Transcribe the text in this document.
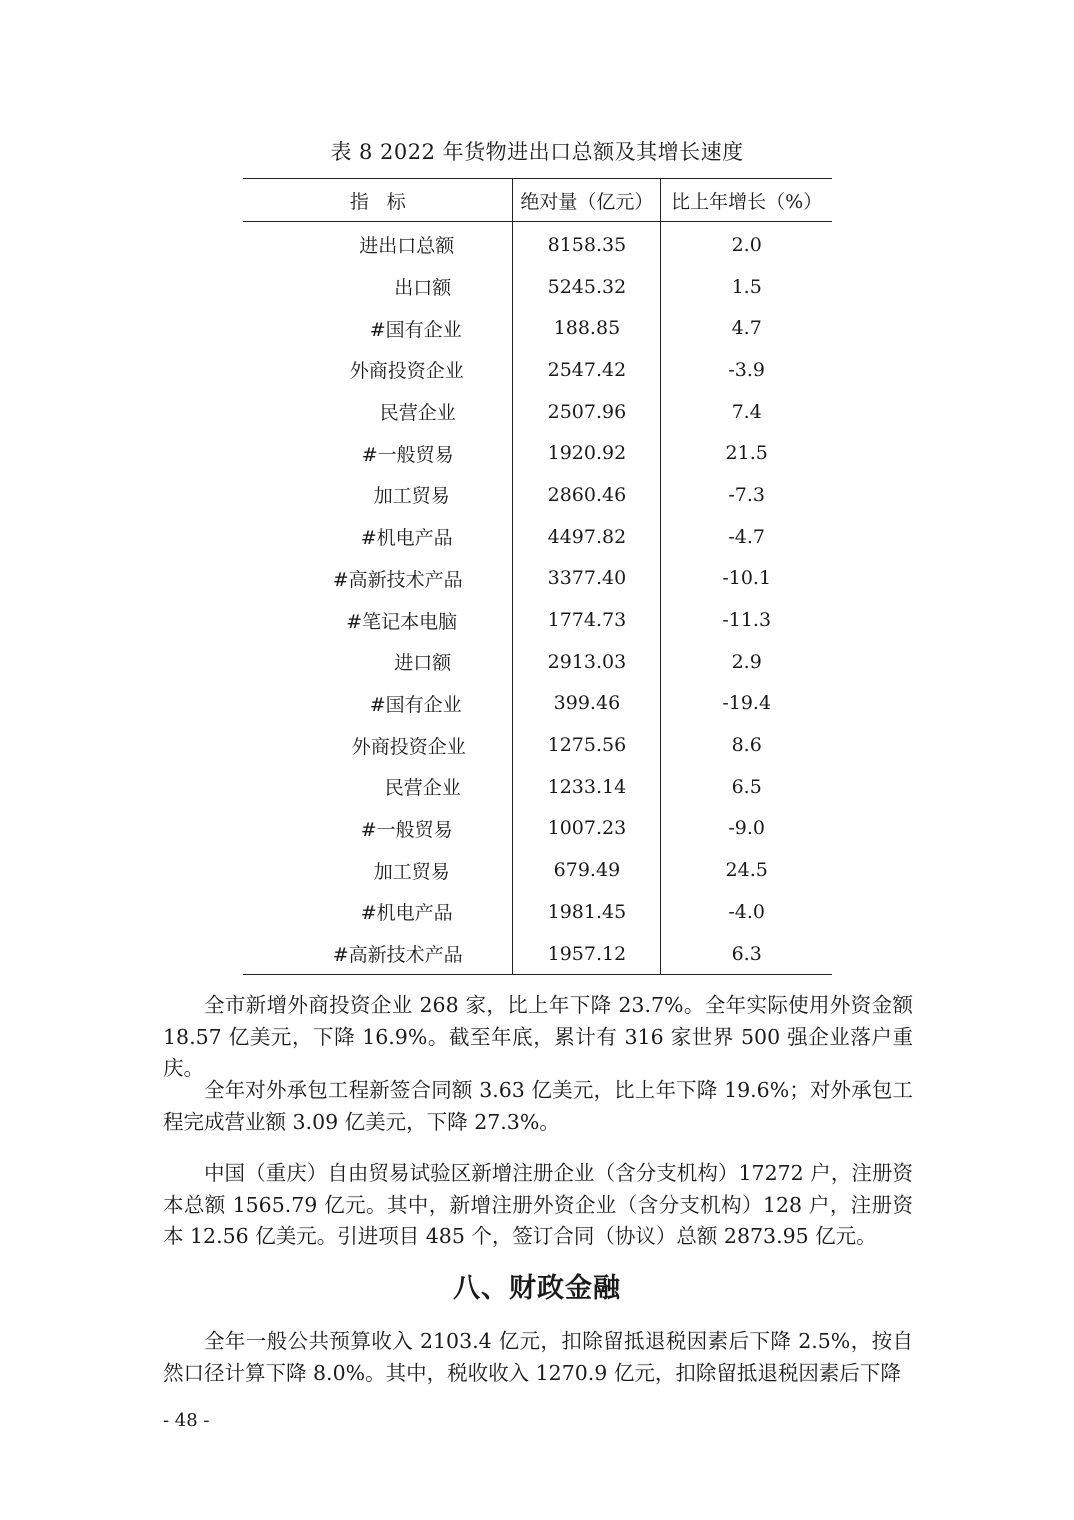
表 8 2022 年货物进出口总额及其增长速度
指标	绝对量（亿元）	比上年增长（%）
进出口总额	8158.35	2.0
出口额	5245.32	1.5
#国有企业	188.85	4.7
外商投资企业	2547.42	-3.9
民营企业	2507.96	7.4
#一般贸易	1920.92	21.5
加工贸易	2860.46	-7.3
#机电产品	4497.82	-4.7
#高新技术产品	3377.40	-10.1
#笔记本电脑	1774.73	-11.3
进口额	2913.03	2.9
#国有企业	399.46	-19.4
外商投资企业	1275.56	8.6
民营企业	1233.14	6.5
#一般贸易	1007.23	-9.0
加工贸易	679.49	24.5
#机电产品	1981.45	-4.0
#高新技术产品	1957.12	6.3

全市新增外商投资企业 268 家，比上年下降 23.7%。全年实际使用外资金额 18.57 亿美元，下降 16.9%。截至年底，累计有 316 家世界 500 强企业落户重庆。

全年对外承包工程新签合同额 3.63 亿美元，比上年下降 19.6%；对外承包工程完成营业额 3.09 亿美元，下降 27.3%。

中国（重庆）自由贸易试验区新增注册企业（含分支机构）17272 户，注册资本总额 1565.79 亿元。其中，新增注册外资企业（含分支机构）128 户，注册资本 12.56 亿美元。引进项目 485 个，签订合同（协议）总额 2873.95 亿元。

八、财政金融

全年一般公共预算收入 2103.4 亿元，扣除留抵退税因素后下降 2.5%，按自然口径计算下降 8.0%。其中，税收收入 1270.9 亿元，扣除留抵退税因素后下降

- 48 -
